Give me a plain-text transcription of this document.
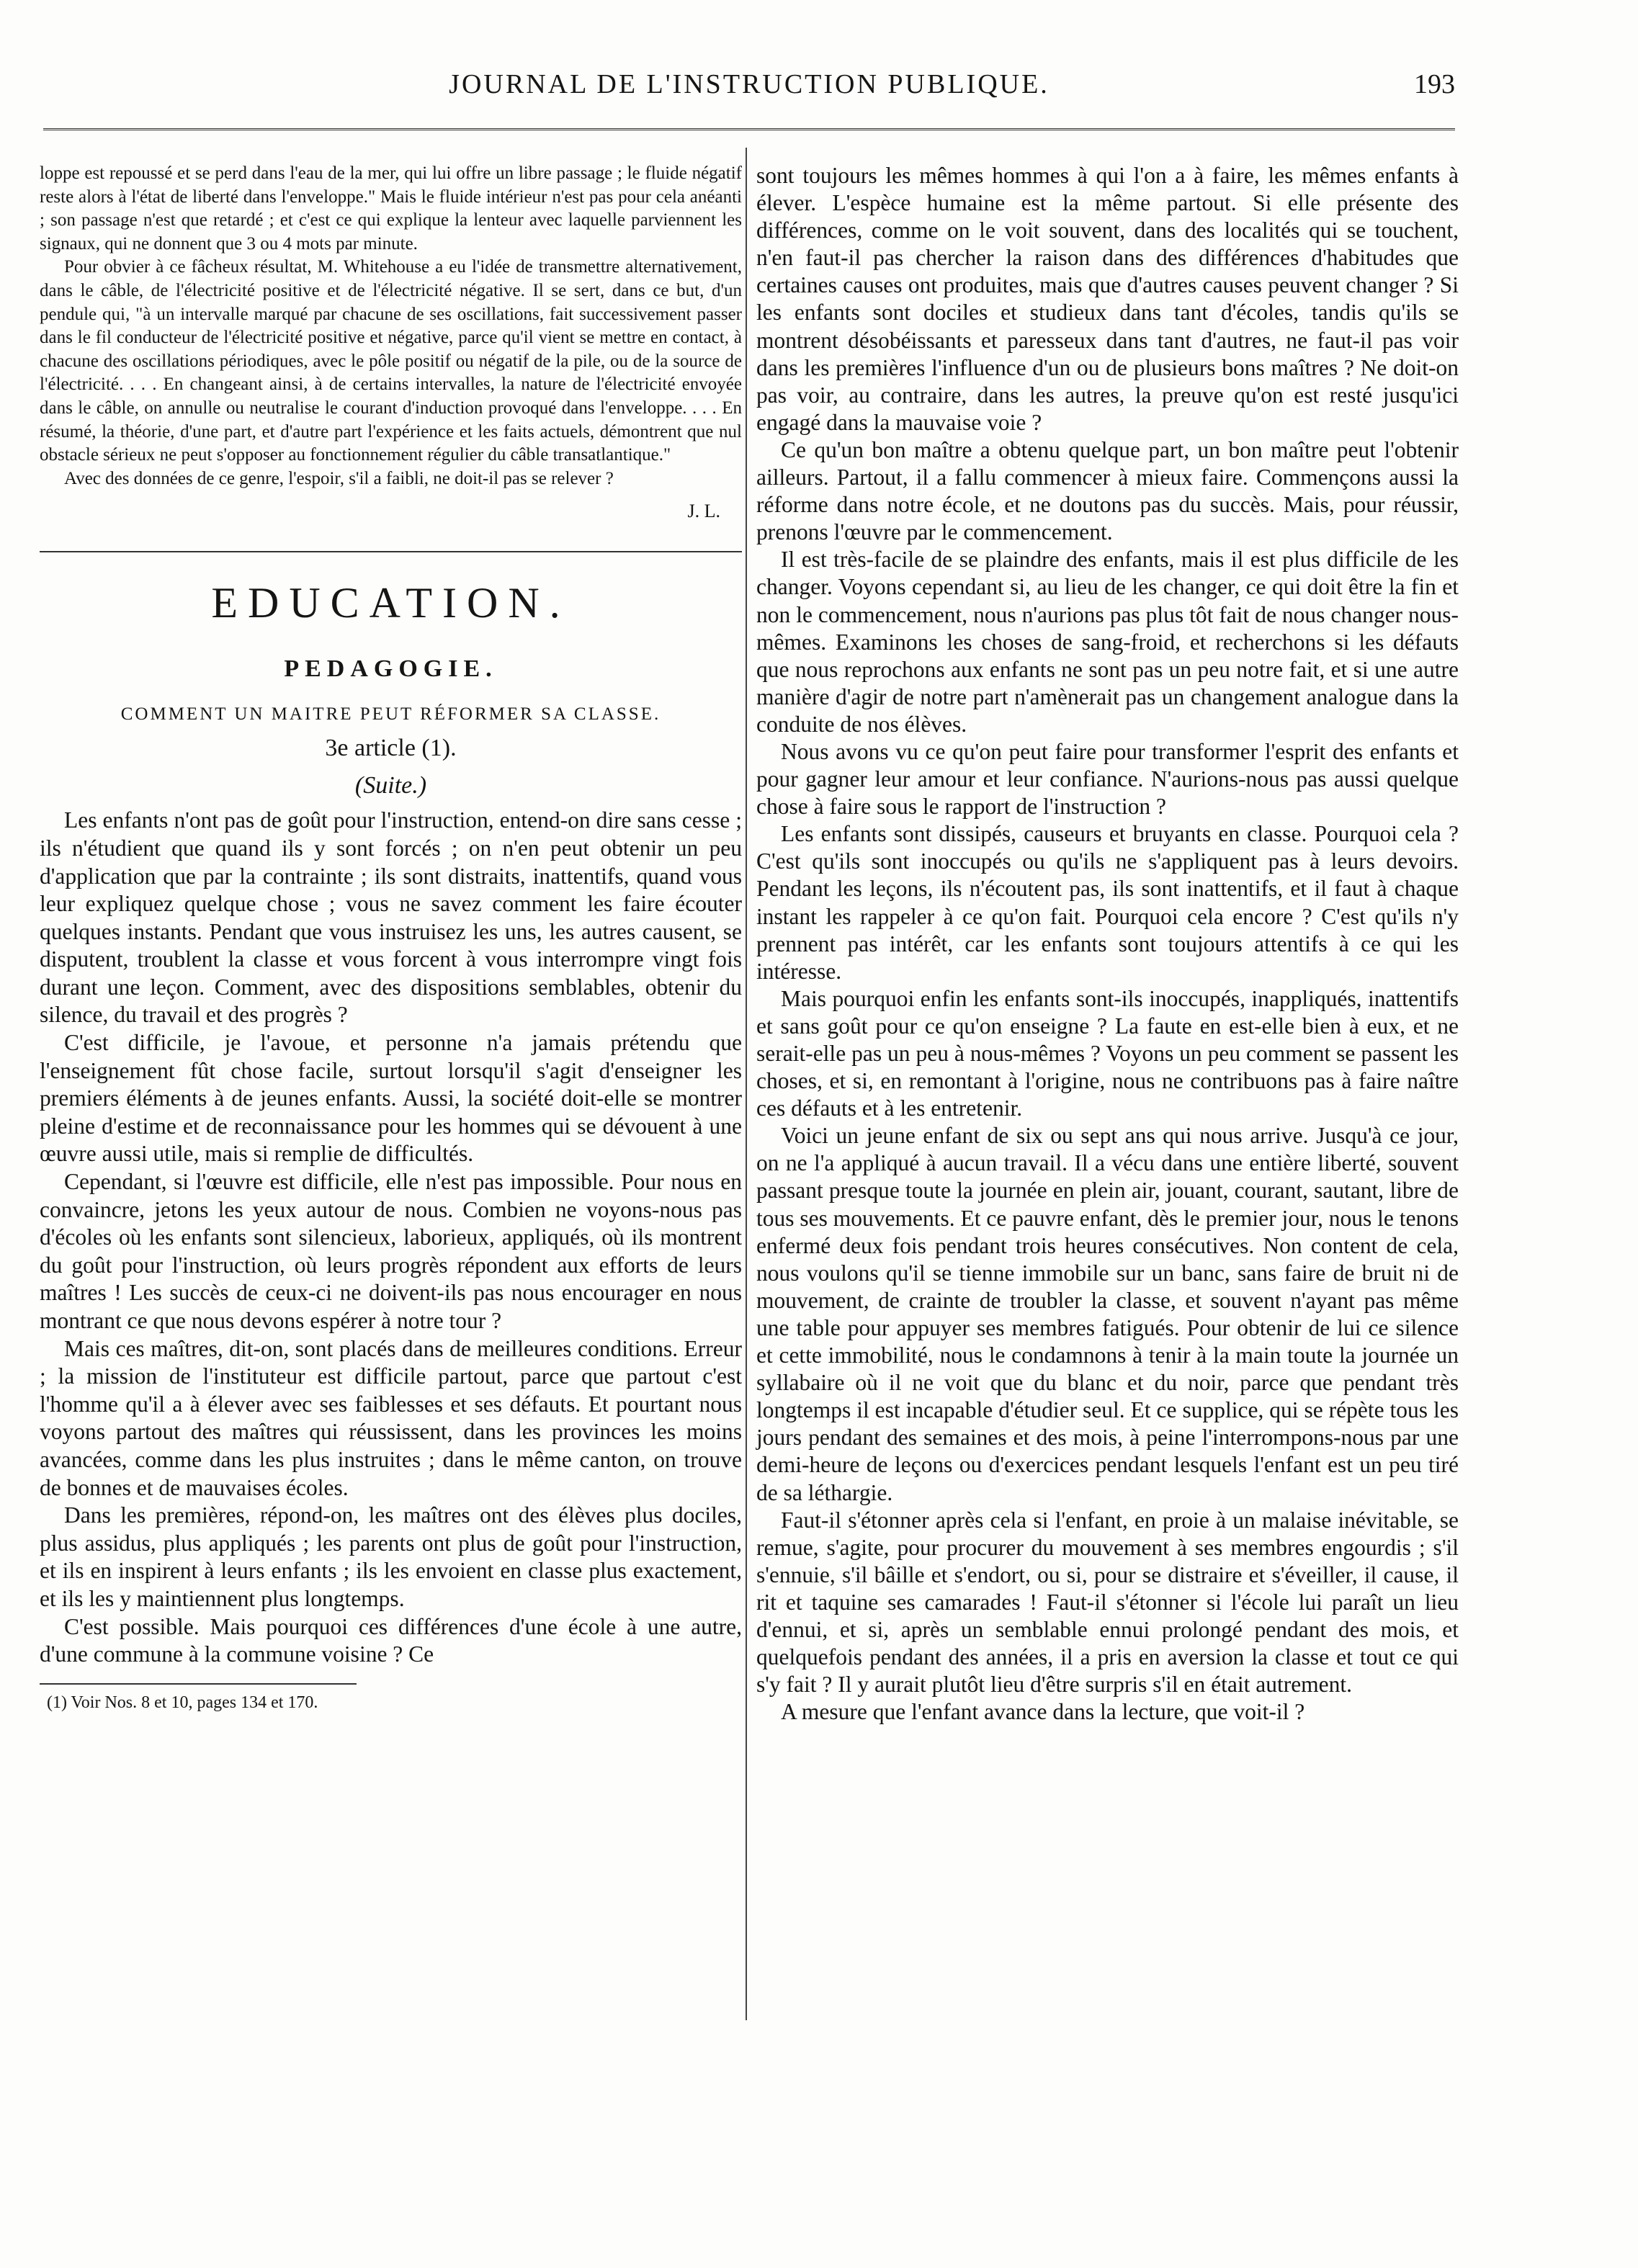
JOURNAL DE L'INSTRUCTION PUBLIQUE.	193

loppe est repoussé et se perd dans l'eau de la mer, qui lui offre un libre passage ; le fluide négatif reste alors à l'état de liberté dans l'enveloppe." Mais le fluide intérieur n'est pas pour cela anéanti ; son passage n'est que retardé ; et c'est ce qui explique la lenteur avec laquelle parviennent les signaux, qui ne donnent que 3 ou 4 mots par minute.

Pour obvier à ce fâcheux résultat, M. Whitehouse a eu l'idée de transmettre alternativement, dans le câble, de l'électricité positive et de l'électricité négative. Il se sert, dans ce but, d'un pendule qui, "à un intervalle marqué par chacune de ses oscillations, fait successivement passer dans le fil conducteur de l'électricité positive et négative, parce qu'il vient se mettre en contact, à chacune des oscillations périodiques, avec le pôle positif ou négatif de la pile, ou de la source de l'électricité. . . . En changeant ainsi, à de certains intervalles, la nature de l'électricité envoyée dans le câble, on annulle ou neutralise le courant d'induction provoqué dans l'enveloppe. . . . En résumé, la théorie, d'une part, et d'autre part l'expérience et les faits actuels, démontrent que nul obstacle sérieux ne peut s'opposer au fonctionnement régulier du câble transatlantique."

Avec des données de ce genre, l'espoir, s'il a faibli, ne doit-il pas se relever ?

J. L.
EDUCATION.
PEDAGOGIE.
COMMENT UN MAITRE PEUT RÉFORMER SA CLASSE.
3e article (1).
(Suite.)

Les enfants n'ont pas de goût pour l'instruction, entend-on dire sans cesse ; ils n'étudient que quand ils y sont forcés ; on n'en peut obtenir un peu d'application que par la contrainte ; ils sont distraits, inattentifs, quand vous leur expliquez quelque chose ; vous ne savez comment les faire écouter quelques instants. Pendant que vous instruisez les uns, les autres causent, se disputent, troublent la classe et vous forcent à vous interrompre vingt fois durant une leçon. Comment, avec des dispositions semblables, obtenir du silence, du travail et des progrès ?

C'est difficile, je l'avoue, et personne n'a jamais prétendu que l'enseignement fût chose facile, surtout lorsqu'il s'agit d'enseigner les premiers éléments à de jeunes enfants. Aussi, la société doit-elle se montrer pleine d'estime et de reconnaissance pour les hommes qui se dévouent à une œuvre aussi utile, mais si remplie de difficultés.

Cependant, si l'œuvre est difficile, elle n'est pas impossible. Pour nous en convaincre, jetons les yeux autour de nous. Combien ne voyons-nous pas d'écoles où les enfants sont silencieux, laborieux, appliqués, où ils montrent du goût pour l'instruction, où leurs progrès répondent aux efforts de leurs maîtres ! Les succès de ceux-ci ne doivent-ils pas nous encourager en nous montrant ce que nous devons espérer à notre tour ?

Mais ces maîtres, dit-on, sont placés dans de meilleures conditions. Erreur ; la mission de l'instituteur est difficile partout, parce que partout c'est l'homme qu'il a à élever avec ses faiblesses et ses défauts. Et pourtant nous voyons partout des maîtres qui réussissent, dans les provinces les moins avancées, comme dans les plus instruites ; dans le même canton, on trouve de bonnes et de mauvaises écoles.

Dans les premières, répond-on, les maîtres ont des élèves plus dociles, plus assidus, plus appliqués ; les parents ont plus de goût pour l'instruction, et ils en inspirent à leurs enfants ; ils les envoient en classe plus exactement, et ils les y maintiennent plus longtemps.

C'est possible. Mais pourquoi ces différences d'une école à une autre, d'une commune à la commune voisine ? Ce

(1) Voir Nos. 8 et 10, pages 134 et 170.

sont toujours les mêmes hommes à qui l'on a à faire, les mêmes enfants à élever. L'espèce humaine est la même partout. Si elle présente des différences, comme on le voit souvent, dans des localités qui se touchent, n'en faut-il pas chercher la raison dans des différences d'habitudes que certaines causes ont produites, mais que d'autres causes peuvent changer ? Si les enfants sont dociles et studieux dans tant d'écoles, tandis qu'ils se montrent désobéissants et paresseux dans tant d'autres, ne faut-il pas voir dans les premières l'influence d'un ou de plusieurs bons maîtres ? Ne doit-on pas voir, au contraire, dans les autres, la preuve qu'on est resté jusqu'ici engagé dans la mauvaise voie ?

Ce qu'un bon maître a obtenu quelque part, un bon maître peut l'obtenir ailleurs. Partout, il a fallu commencer à mieux faire. Commençons aussi la réforme dans notre école, et ne doutons pas du succès. Mais, pour réussir, prenons l'œuvre par le commencement.

Il est très-facile de se plaindre des enfants, mais il est plus difficile de les changer. Voyons cependant si, au lieu de les changer, ce qui doit être la fin et non le commencement, nous n'aurions pas plus tôt fait de nous changer nous-mêmes. Examinons les choses de sang-froid, et recherchons si les défauts que nous reprochons aux enfants ne sont pas un peu notre fait, et si une autre manière d'agir de notre part n'amènerait pas un changement analogue dans la conduite de nos élèves.

Nous avons vu ce qu'on peut faire pour transformer l'esprit des enfants et pour gagner leur amour et leur confiance. N'aurions-nous pas aussi quelque chose à faire sous le rapport de l'instruction ?

Les enfants sont dissipés, causeurs et bruyants en classe. Pourquoi cela ? C'est qu'ils sont inoccupés ou qu'ils ne s'appliquent pas à leurs devoirs. Pendant les leçons, ils n'écoutent pas, ils sont inattentifs, et il faut à chaque instant les rappeler à ce qu'on fait. Pourquoi cela encore ? C'est qu'ils n'y prennent pas intérêt, car les enfants sont toujours attentifs à ce qui les intéresse.

Mais pourquoi enfin les enfants sont-ils inoccupés, inappliqués, inattentifs et sans goût pour ce qu'on enseigne ? La faute en est-elle bien à eux, et ne serait-elle pas un peu à nous-mêmes ? Voyons un peu comment se passent les choses, et si, en remontant à l'origine, nous ne contribuons pas à faire naître ces défauts et à les entretenir.

Voici un jeune enfant de six ou sept ans qui nous arrive. Jusqu'à ce jour, on ne l'a appliqué à aucun travail. Il a vécu dans une entière liberté, souvent passant presque toute la journée en plein air, jouant, courant, sautant, libre de tous ses mouvements. Et ce pauvre enfant, dès le premier jour, nous le tenons enfermé deux fois pendant trois heures consécutives. Non content de cela, nous voulons qu'il se tienne immobile sur un banc, sans faire de bruit ni de mouvement, de crainte de troubler la classe, et souvent n'ayant pas même une table pour appuyer ses membres fatigués. Pour obtenir de lui ce silence et cette immobilité, nous le condamnons à tenir à la main toute la journée un syllabaire où il ne voit que du blanc et du noir, parce que pendant très longtemps il est incapable d'étudier seul. Et ce supplice, qui se répète tous les jours pendant des semaines et des mois, à peine l'interrompons-nous par une demi-heure de leçons ou d'exercices pendant lesquels l'enfant est un peu tiré de sa léthargie.

Faut-il s'étonner après cela si l'enfant, en proie à un malaise inévitable, se remue, s'agite, pour procurer du mouvement à ses membres engourdis ; s'il s'ennuie, s'il bâille et s'endort, ou si, pour se distraire et s'éveiller, il cause, il rit et taquine ses camarades ! Faut-il s'étonner si l'école lui paraît un lieu d'ennui, et si, après un semblable ennui prolongé pendant des mois, et quelquefois pendant des années, il a pris en aversion la classe et tout ce qui s'y fait ? Il y aurait plutôt lieu d'être surpris s'il en était autrement.

A mesure que l'enfant avance dans la lecture, que voit-il ?
